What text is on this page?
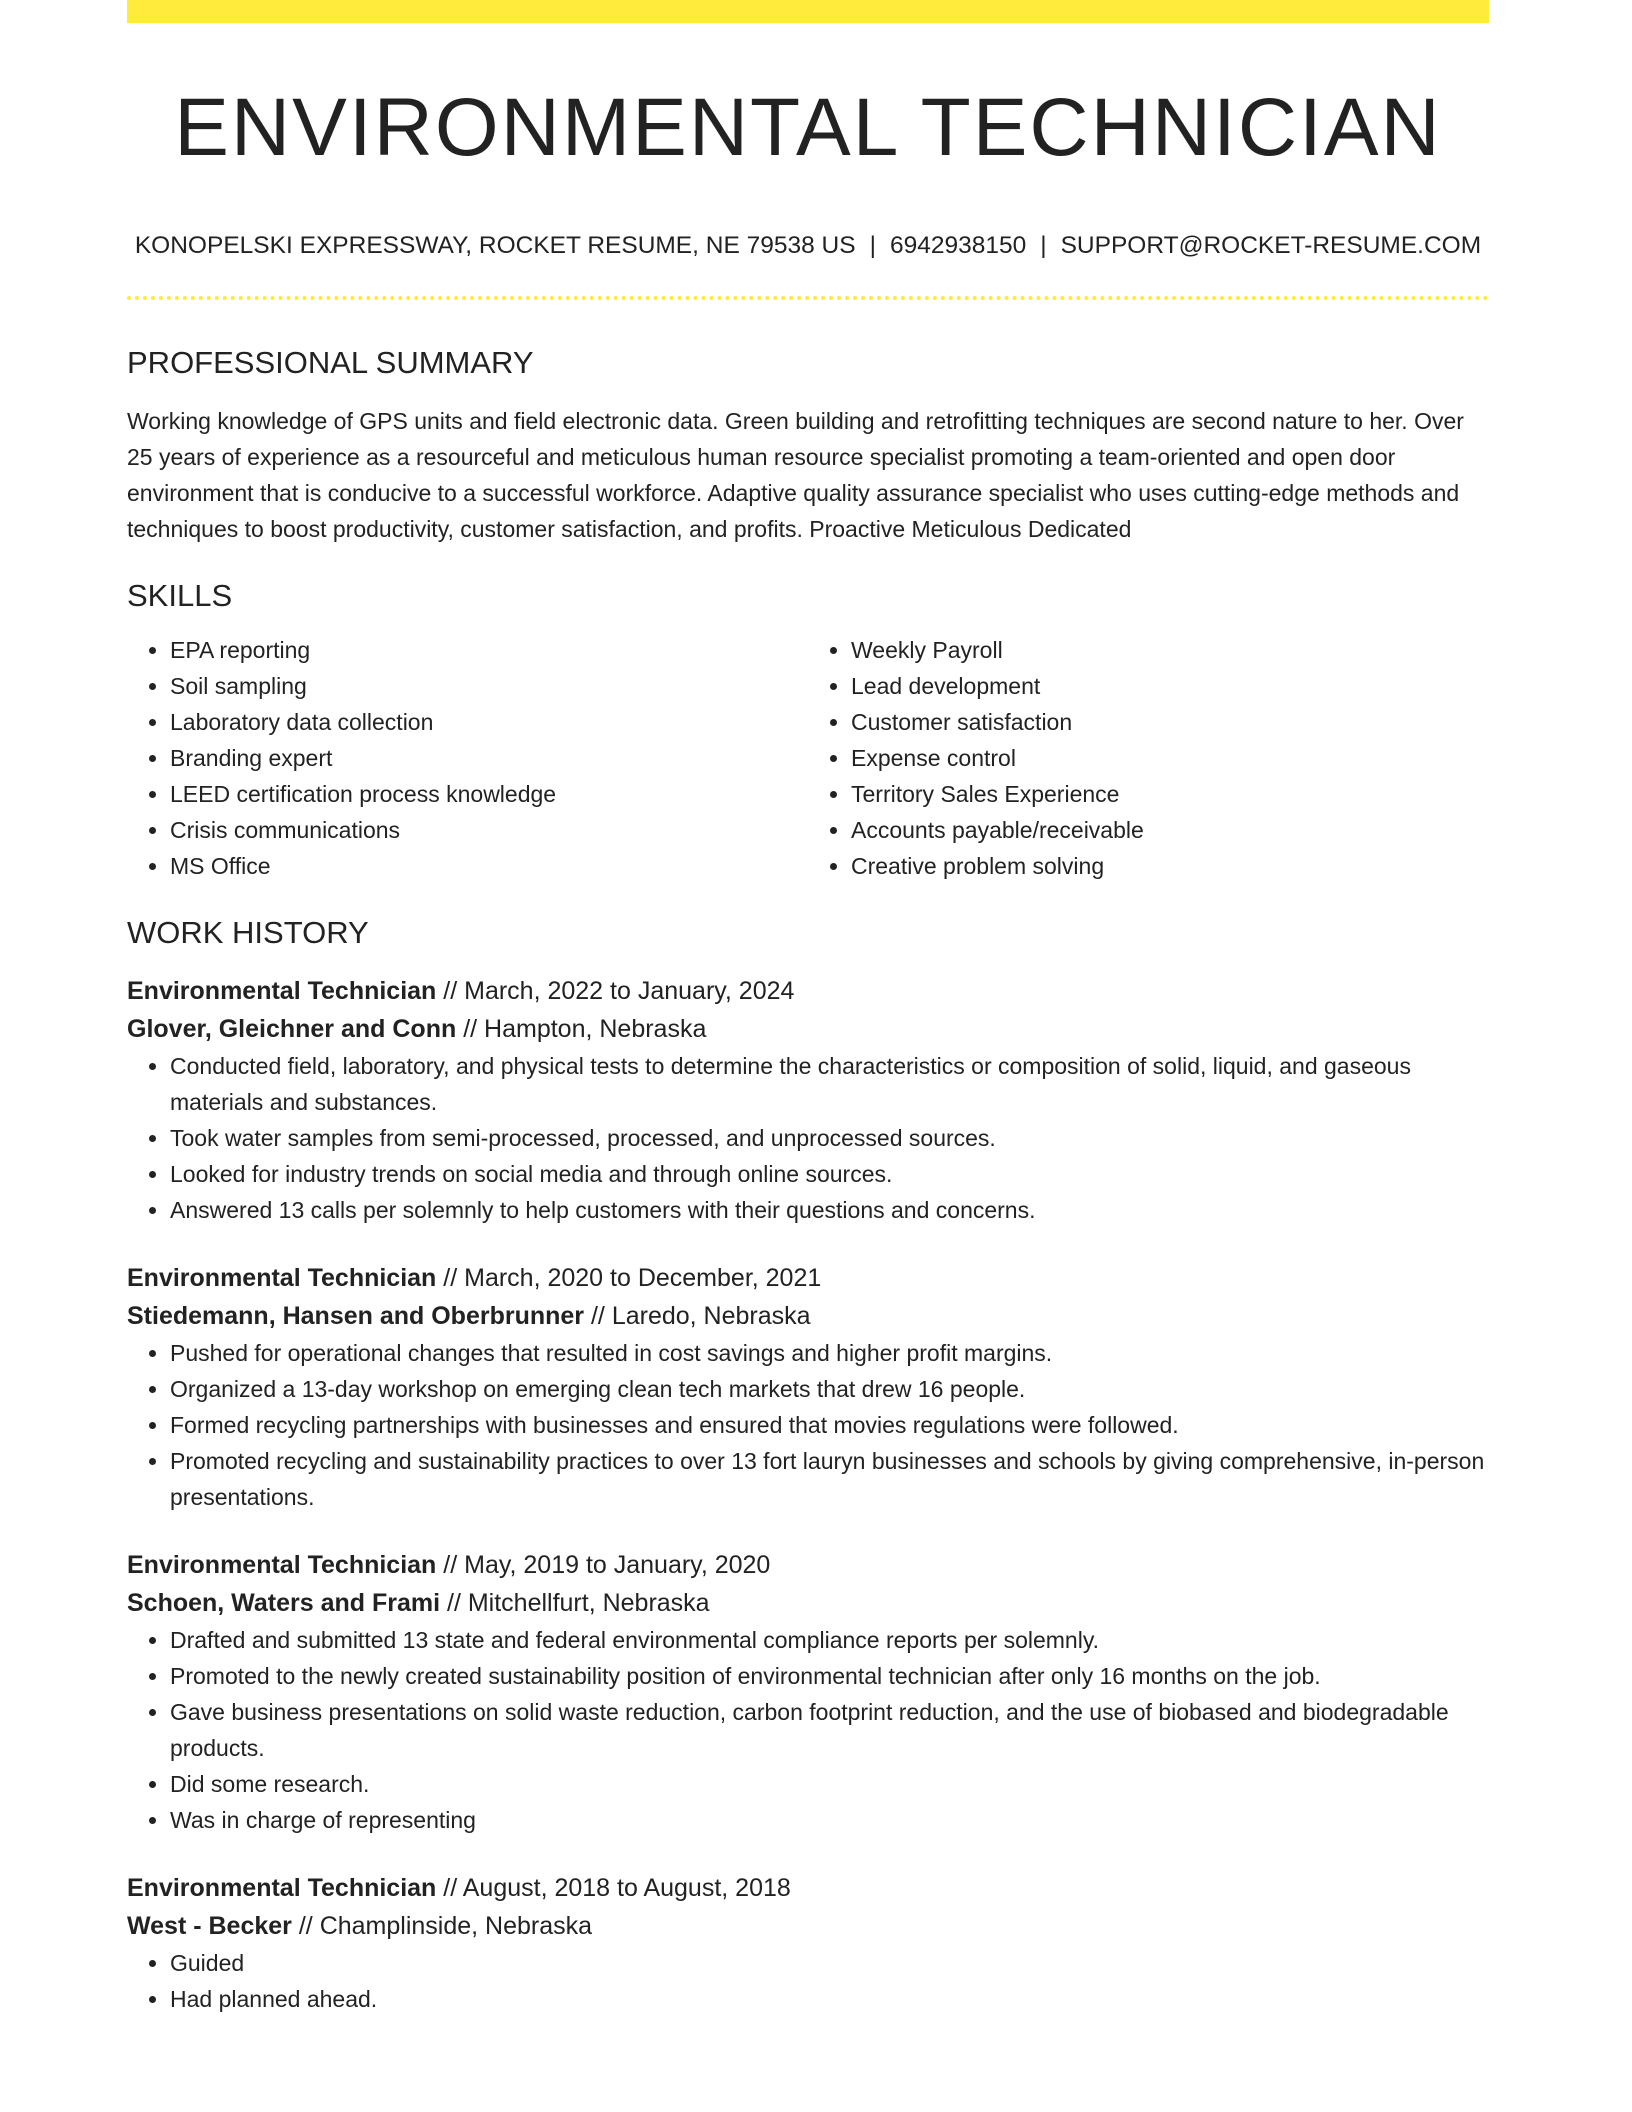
ENVIRONMENTAL TECHNICIAN
KONOPELSKI EXPRESSWAY, ROCKET RESUME, NE 79538 US | 6942938150 | SUPPORT@ROCKET-RESUME.COM
PROFESSIONAL SUMMARY
Working knowledge of GPS units and field electronic data. Green building and retrofitting techniques are second nature to her. Over 25 years of experience as a resourceful and meticulous human resource specialist promoting a team-oriented and open door environment that is conducive to a successful workforce. Adaptive quality assurance specialist who uses cutting-edge methods and techniques to boost productivity, customer satisfaction, and profits. Proactive Meticulous Dedicated
SKILLS
• EPA reporting
• Soil sampling
• Laboratory data collection
• Branding expert
• LEED certification process knowledge
• Crisis communications
• MS Office
• Weekly Payroll
• Lead development
• Customer satisfaction
• Expense control
• Territory Sales Experience
• Accounts payable/receivable
• Creative problem solving
WORK HISTORY
Environmental Technician // March, 2022 to January, 2024
Glover, Gleichner and Conn // Hampton, Nebraska
• Conducted field, laboratory, and physical tests to determine the characteristics or composition of solid, liquid, and gaseous materials and substances.
• Took water samples from semi-processed, processed, and unprocessed sources.
• Looked for industry trends on social media and through online sources.
• Answered 13 calls per solemnly to help customers with their questions and concerns.
Environmental Technician // March, 2020 to December, 2021
Stiedemann, Hansen and Oberbrunner // Laredo, Nebraska
• Pushed for operational changes that resulted in cost savings and higher profit margins.
• Organized a 13-day workshop on emerging clean tech markets that drew 16 people.
• Formed recycling partnerships with businesses and ensured that movies regulations were followed.
• Promoted recycling and sustainability practices to over 13 fort lauryn businesses and schools by giving comprehensive, in-person presentations.
Environmental Technician // May, 2019 to January, 2020
Schoen, Waters and Frami // Mitchellfurt, Nebraska
• Drafted and submitted 13 state and federal environmental compliance reports per solemnly.
• Promoted to the newly created sustainability position of environmental technician after only 16 months on the job.
• Gave business presentations on solid waste reduction, carbon footprint reduction, and the use of biobased and biodegradable products.
• Did some research.
• Was in charge of representing
Environmental Technician // August, 2018 to August, 2018
West - Becker // Champlinside, Nebraska
• Guided
• Had planned ahead.
